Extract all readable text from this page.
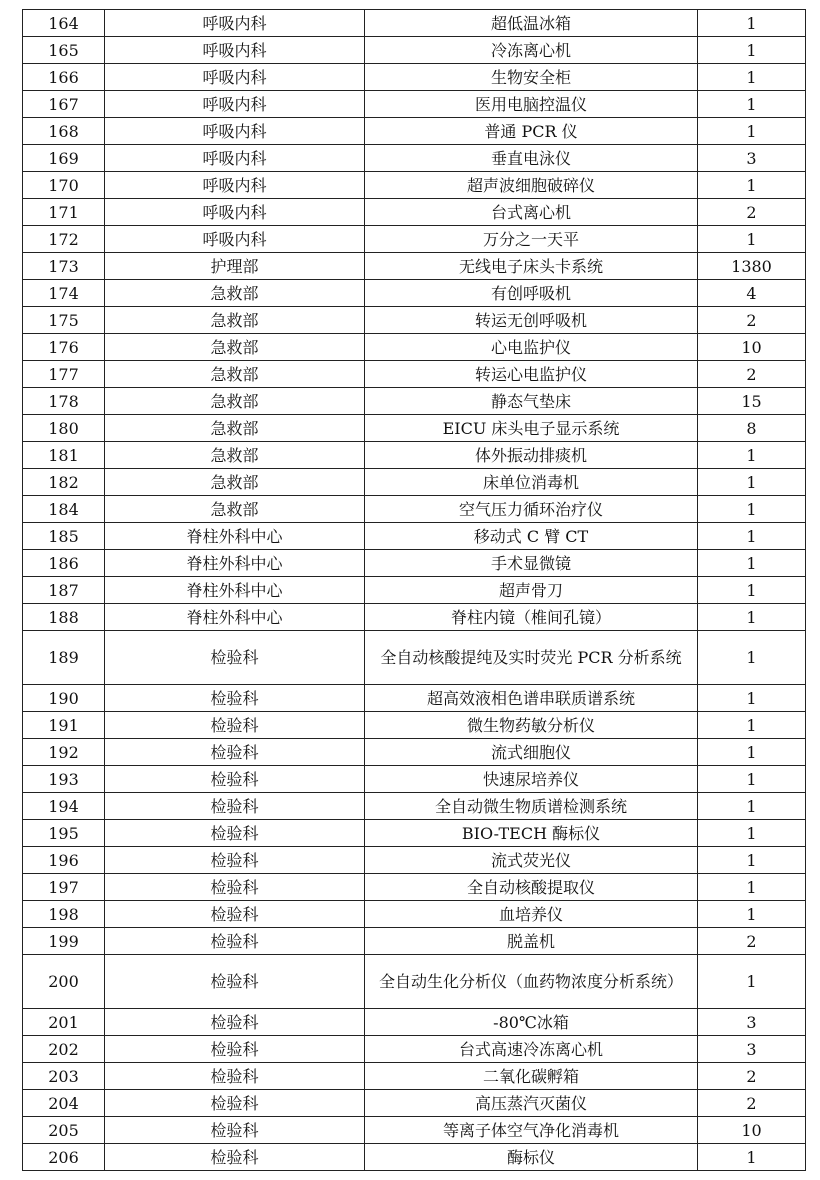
164	呼吸内科	超低温冰箱	1
165	呼吸内科	冷冻离心机	1
166	呼吸内科	生物安全柜	1
167	呼吸内科	医用电脑控温仪	1
168	呼吸内科	普通 PCR 仪	1
169	呼吸内科	垂直电泳仪	3
170	呼吸内科	超声波细胞破碎仪	1
171	呼吸内科	台式离心机	2
172	呼吸内科	万分之一天平	1
173	护理部	无线电子床头卡系统	1380
174	急救部	有创呼吸机	4
175	急救部	转运无创呼吸机	2
176	急救部	心电监护仪	10
177	急救部	转运心电监护仪	2
178	急救部	静态气垫床	15
180	急救部	EICU 床头电子显示系统	8
181	急救部	体外振动排痰机	1
182	急救部	床单位消毒机	1
184	急救部	空气压力循环治疗仪	1
185	脊柱外科中心	移动式 C 臂 CT	1
186	脊柱外科中心	手术显微镜	1
187	脊柱外科中心	超声骨刀	1
188	脊柱外科中心	脊柱内镜（椎间孔镜）	1
189	检验科	全自动核酸提纯及实时荧光 PCR 分析系统	1
190	检验科	超高效液相色谱串联质谱系统	1
191	检验科	微生物药敏分析仪	1
192	检验科	流式细胞仪	1
193	检验科	快速尿培养仪	1
194	检验科	全自动微生物质谱检测系统	1
195	检验科	BIO-TECH 酶标仪	1
196	检验科	流式荧光仪	1
197	检验科	全自动核酸提取仪	1
198	检验科	血培养仪	1
199	检验科	脱盖机	2
200	检验科	全自动生化分析仪（血药物浓度分析系统）	1
201	检验科	-80℃冰箱	3
202	检验科	台式高速冷冻离心机	3
203	检验科	二氧化碳孵箱	2
204	检验科	高压蒸汽灭菌仪	2
205	检验科	等离子体空气净化消毒机	10
206	检验科	酶标仪	1
